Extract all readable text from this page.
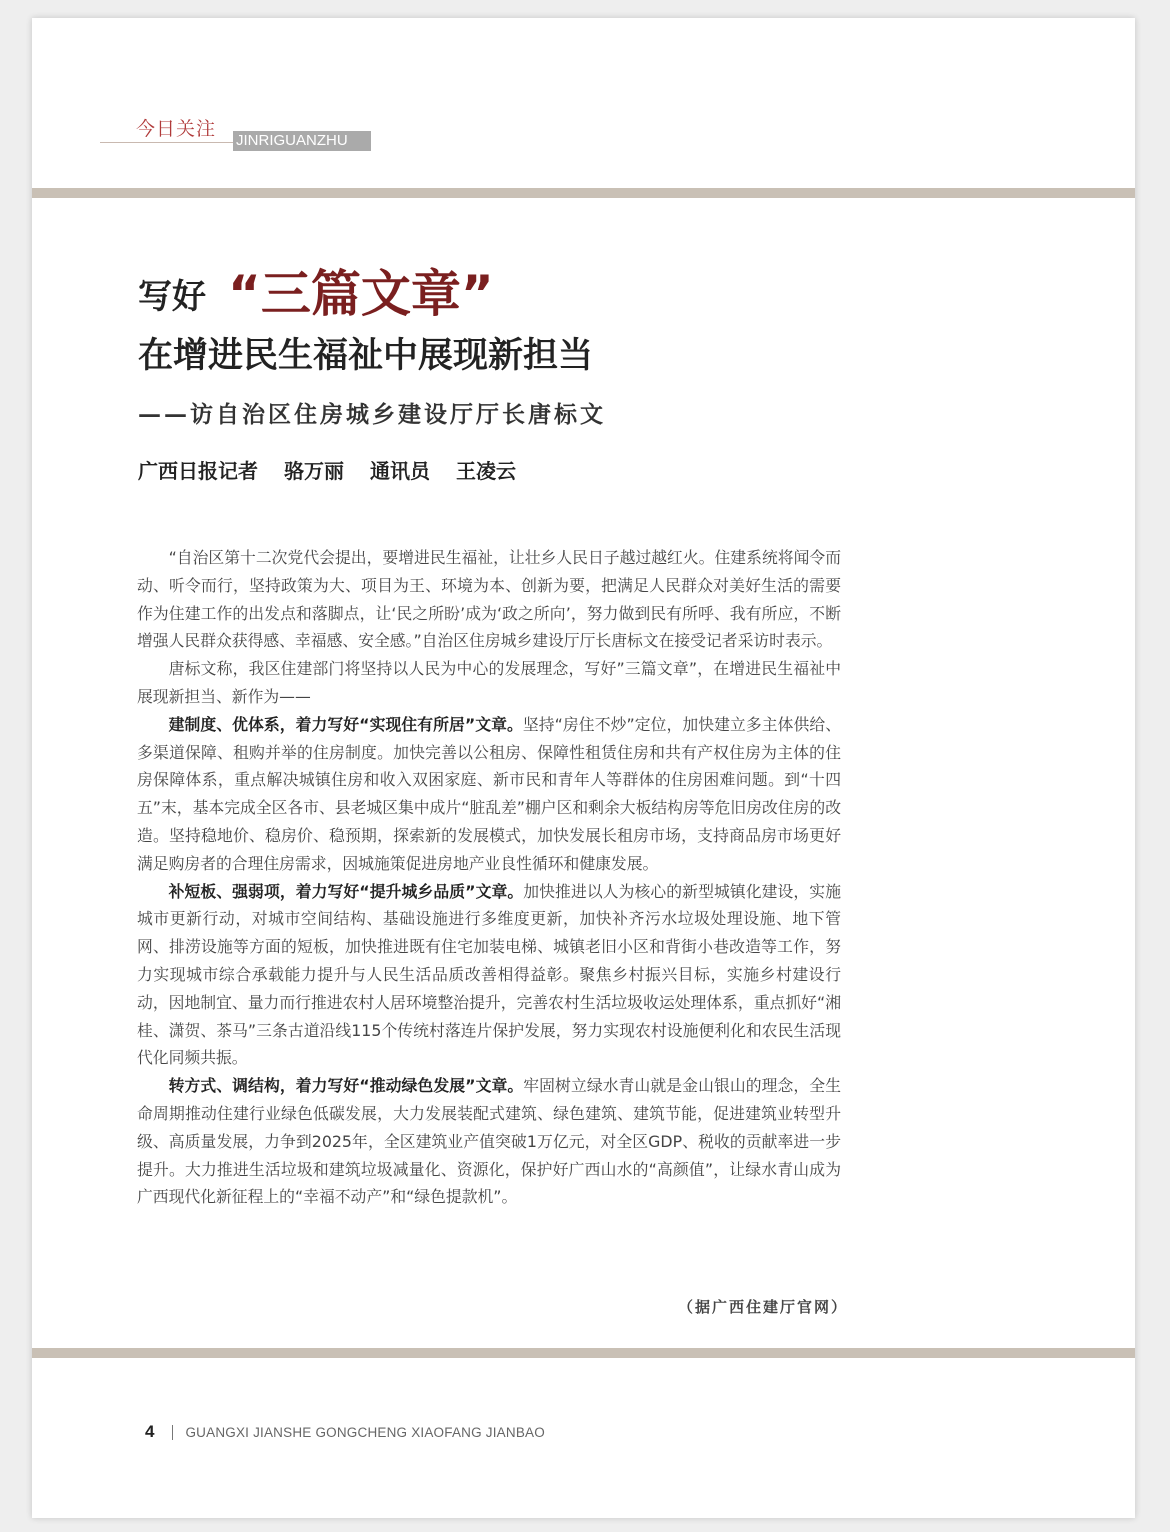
今日关注
JINRIGUANZHU
写好 “三篇文章”
在增进民生福祉中展现新担当
——访自治区住房城乡建设厅厅长唐标文
广西日报记者 骆万丽 通讯员 王凌云

“自治区第十二次党代会提出，要增进民生福祉，让壮乡人民日子越过越红火。住建系统将闻令而动、听令而行，坚持政策为大、项目为王、环境为本、创新为要，把满足人民群众对美好生活的需要作为住建工作的出发点和落脚点，让‘民之所盼’成为‘政之所向’，努力做到民有所呼、我有所应，不断增强人民群众获得感、幸福感、安全感。”自治区住房城乡建设厅厅长唐标文在接受记者采访时表示。

唐标文称，我区住建部门将坚持以人民为中心的发展理念，写好”三篇文章”，在增进民生福祉中展现新担当、新作为——

建制度、优体系，着力写好“实现住有所居”文章。坚持“房住不炒”定位，加快建立多主体供给、多渠道保障、租购并举的住房制度。加快完善以公租房、保障性租赁住房和共有产权住房为主体的住房保障体系，重点解决城镇住房和收入双困家庭、新市民和青年人等群体的住房困难问题。到“十四五”末，基本完成全区各市、县老城区集中成片“脏乱差”棚户区和剩余大板结构房等危旧房改住房的改造。坚持稳地价、稳房价、稳预期，探索新的发展模式，加快发展长租房市场，支持商品房市场更好满足购房者的合理住房需求，因城施策促进房地产业良性循环和健康发展。

补短板、强弱项，着力写好“提升城乡品质”文章。加快推进以人为核心的新型城镇化建设，实施城市更新行动，对城市空间结构、基础设施进行多维度更新，加快补齐污水垃圾处理设施、地下管网、排涝设施等方面的短板，加快推进既有住宅加装电梯、城镇老旧小区和背街小巷改造等工作，努力实现城市综合承载能力提升与人民生活品质改善相得益彰。聚焦乡村振兴目标，实施乡村建设行动，因地制宜、量力而行推进农村人居环境整治提升，完善农村生活垃圾收运处理体系，重点抓好“湘桂、潇贺、茶马”三条古道沿线115个传统村落连片保护发展，努力实现农村设施便利化和农民生活现代化同频共振。

转方式、调结构，着力写好“推动绿色发展”文章。牢固树立绿水青山就是金山银山的理念，全生命周期推动住建行业绿色低碳发展，大力发展装配式建筑、绿色建筑、建筑节能，促进建筑业转型升级、高质量发展，力争到2025年，全区建筑业产值突破1万亿元，对全区GDP、税收的贡献率进一步提升。大力推进生活垃圾和建筑垃圾减量化、资源化，保护好广西山水的“高颜值”，让绿水青山成为广西现代化新征程上的“幸福不动产”和“绿色提款机”。

（据广西住建厅官网）
4 GUANGXI JIANSHE GONGCHENG XIAOFANG JIANBAO
